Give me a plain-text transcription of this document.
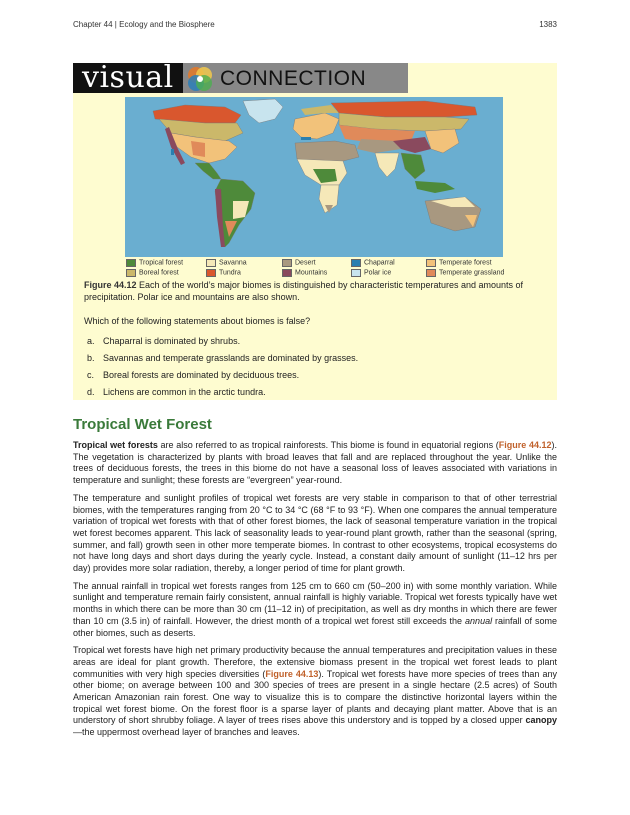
Chapter 44 | Ecology and the Biosphere	1383
visual CONNECTION
Tropical forest	Savanna	Desert	Chaparral	Temperate forest
Boreal forest	Tundra	Mountains	Polar ice	Temperate grassland
Figure 44.12 Each of the world’s major biomes is distinguished by characteristic temperatures and amounts of precipitation. Polar ice and mountains are also shown.
Which of the following statements about biomes is false?
a. Chaparral is dominated by shrubs.
b. Savannas and temperate grasslands are dominated by grasses.
c. Boreal forests are dominated by deciduous trees.
d. Lichens are common in the arctic tundra.
Tropical Wet Forest

Tropical wet forests are also referred to as tropical rainforests. This biome is found in equatorial regions (Figure 44.12). The vegetation is characterized by plants with broad leaves that fall and are replaced throughout the year. Unlike the trees of deciduous forests, the trees in this biome do not have a seasonal loss of leaves associated with variations in temperature and sunlight; these forests are “evergreen” year-round.

The temperature and sunlight profiles of tropical wet forests are very stable in comparison to that of other terrestrial biomes, with the temperatures ranging from 20 °C to 34 °C (68 °F to 93 °F). When one compares the annual temperature variation of tropical wet forests with that of other forest biomes, the lack of seasonal temperature variation in the tropical wet forest becomes apparent. This lack of seasonality leads to year-round plant growth, rather than the seasonal (spring, summer, and fall) growth seen in other more temperate biomes. In contrast to other ecosystems, tropical ecosystems do not have long days and short days during the yearly cycle. Instead, a constant daily amount of sunlight (11–12 hrs per day) provides more solar radiation, thereby, a longer period of time for plant growth.

The annual rainfall in tropical wet forests ranges from 125 cm to 660 cm (50–200 in) with some monthly variation. While sunlight and temperature remain fairly consistent, annual rainfall is highly variable. Tropical wet forests typically have wet months in which there can be more than 30 cm (11–12 in) of precipitation, as well as dry months in which there are fewer than 10 cm (3.5 in) of rainfall. However, the driest month of a tropical wet forest still exceeds the annual rainfall of some other biomes, such as deserts.

Tropical wet forests have high net primary productivity because the annual temperatures and precipitation values in these areas are ideal for plant growth. Therefore, the extensive biomass present in the tropical wet forest leads to plant communities with very high species diversities (Figure 44.13). Tropical wet forests have more species of trees than any other biome; on average between 100 and 300 species of trees are present in a single hectare (2.5 acres) of South American Amazonian rain forest. One way to visualize this is to compare the distinctive horizontal layers within the tropical wet forest biome. On the forest floor is a sparse layer of plants and decaying plant matter. Above that is an understory of short shrubby foliage. A layer of trees rises above this understory and is topped by a closed upper canopy—the uppermost overhead layer of branches and leaves.
